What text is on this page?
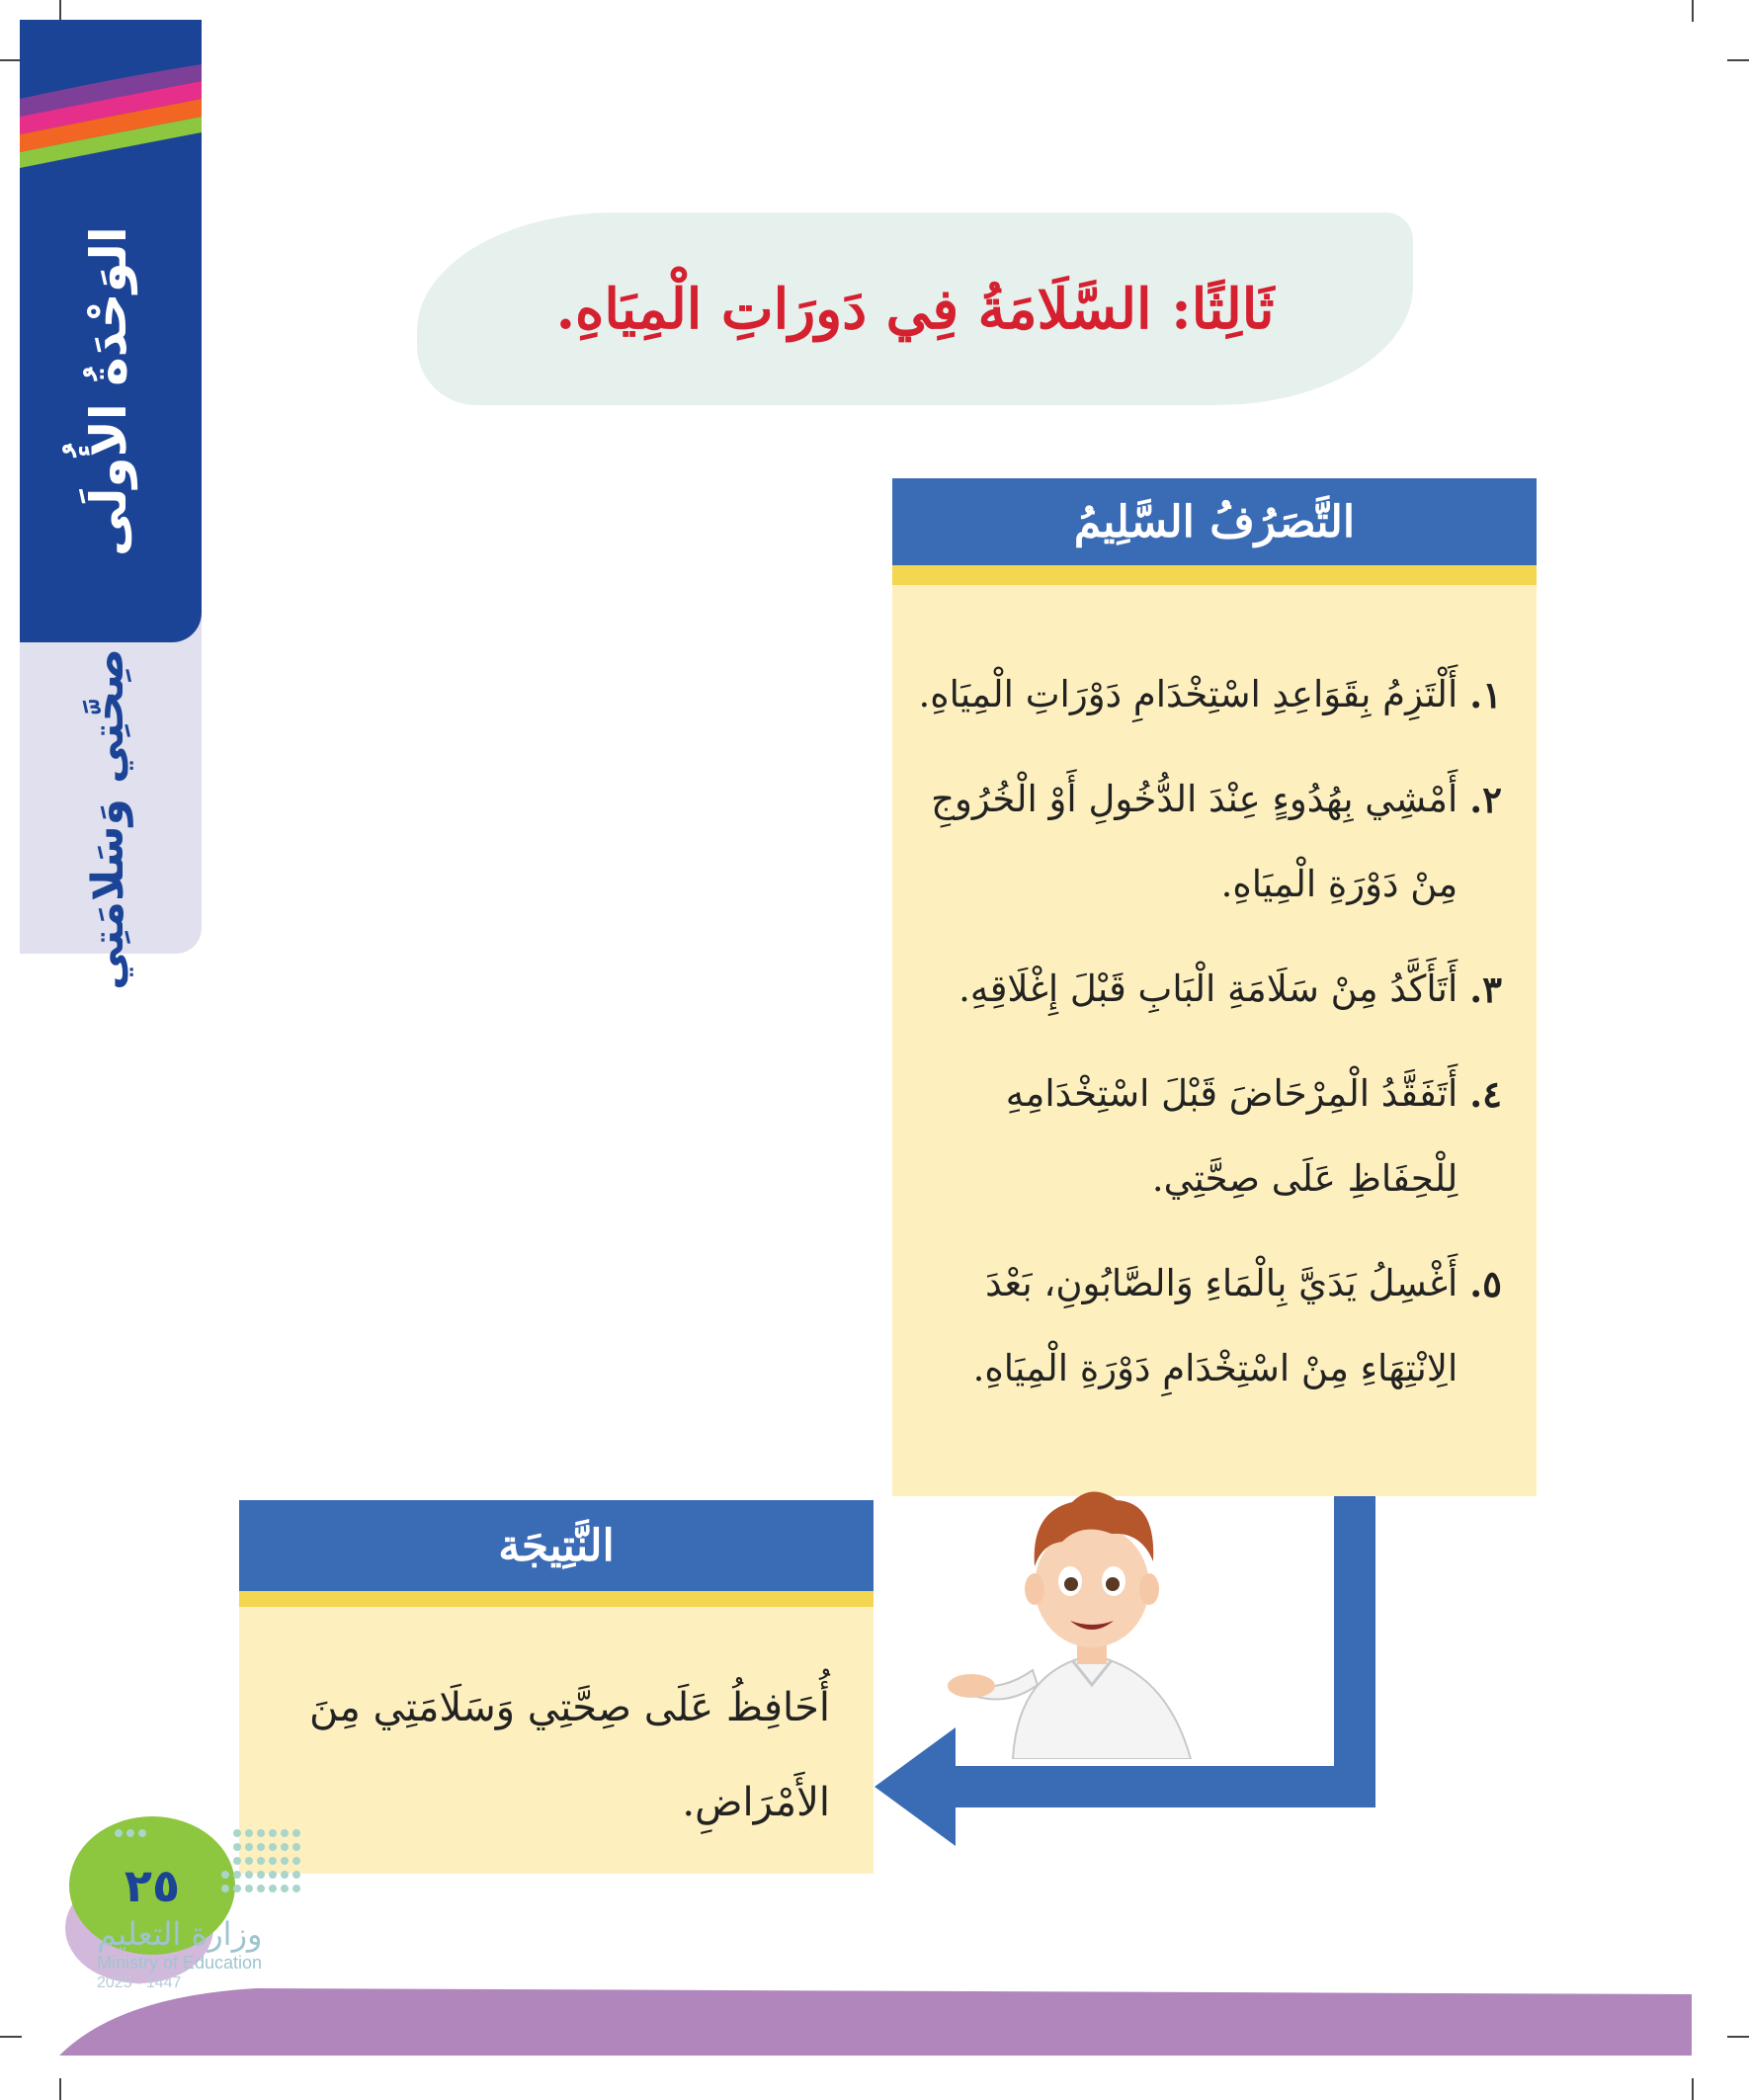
الوَحْدَةُ الأُولَى
صِحَّتِي وَسَلامَتِي
ثَالِثًا: السَّلَامَةُ فِي دَورَاتِ الْمِيَاهِ.
التَّصَرُفُ السَّلِيمُ
١.
أَلْتَزِمُ بِقَوَاعِدِ اسْتِخْدَامِ دَوْرَاتِ الْمِيَاهِ.
٢.
أَمْشِي بِهُدُوءٍ عِنْدَ الدُّخُولِ أَوْ الْخُرُوجِ مِنْ دَوْرَةِ الْمِيَاهِ.
٣.
أَتَأَكَّدُ مِنْ سَلَامَةِ الْبَابِ قَبْلَ إِغْلَاقِهِ.
٤.
أَتَفَقَّدُ الْمِرْحَاضَ قَبْلَ اسْتِخْدَامِهِ لِلْحِفَاظِ عَلَى صِحَّتِي.
٥.
أَغْسِلُ يَدَيَّ بِالْمَاءِ وَالصَّابُونِ، بَعْدَ الِانْتِهَاءِ مِنْ اسْتِخْدَامِ دَوْرَةِ الْمِيَاهِ.
النَّتِيجَة
أُحَافِظُ عَلَى صِحَّتِي وَسَلَامَتِي مِنَ الأَمْرَاضِ.
٢٥
وزارة التعليم
Ministry of Education
2025 - 1447
